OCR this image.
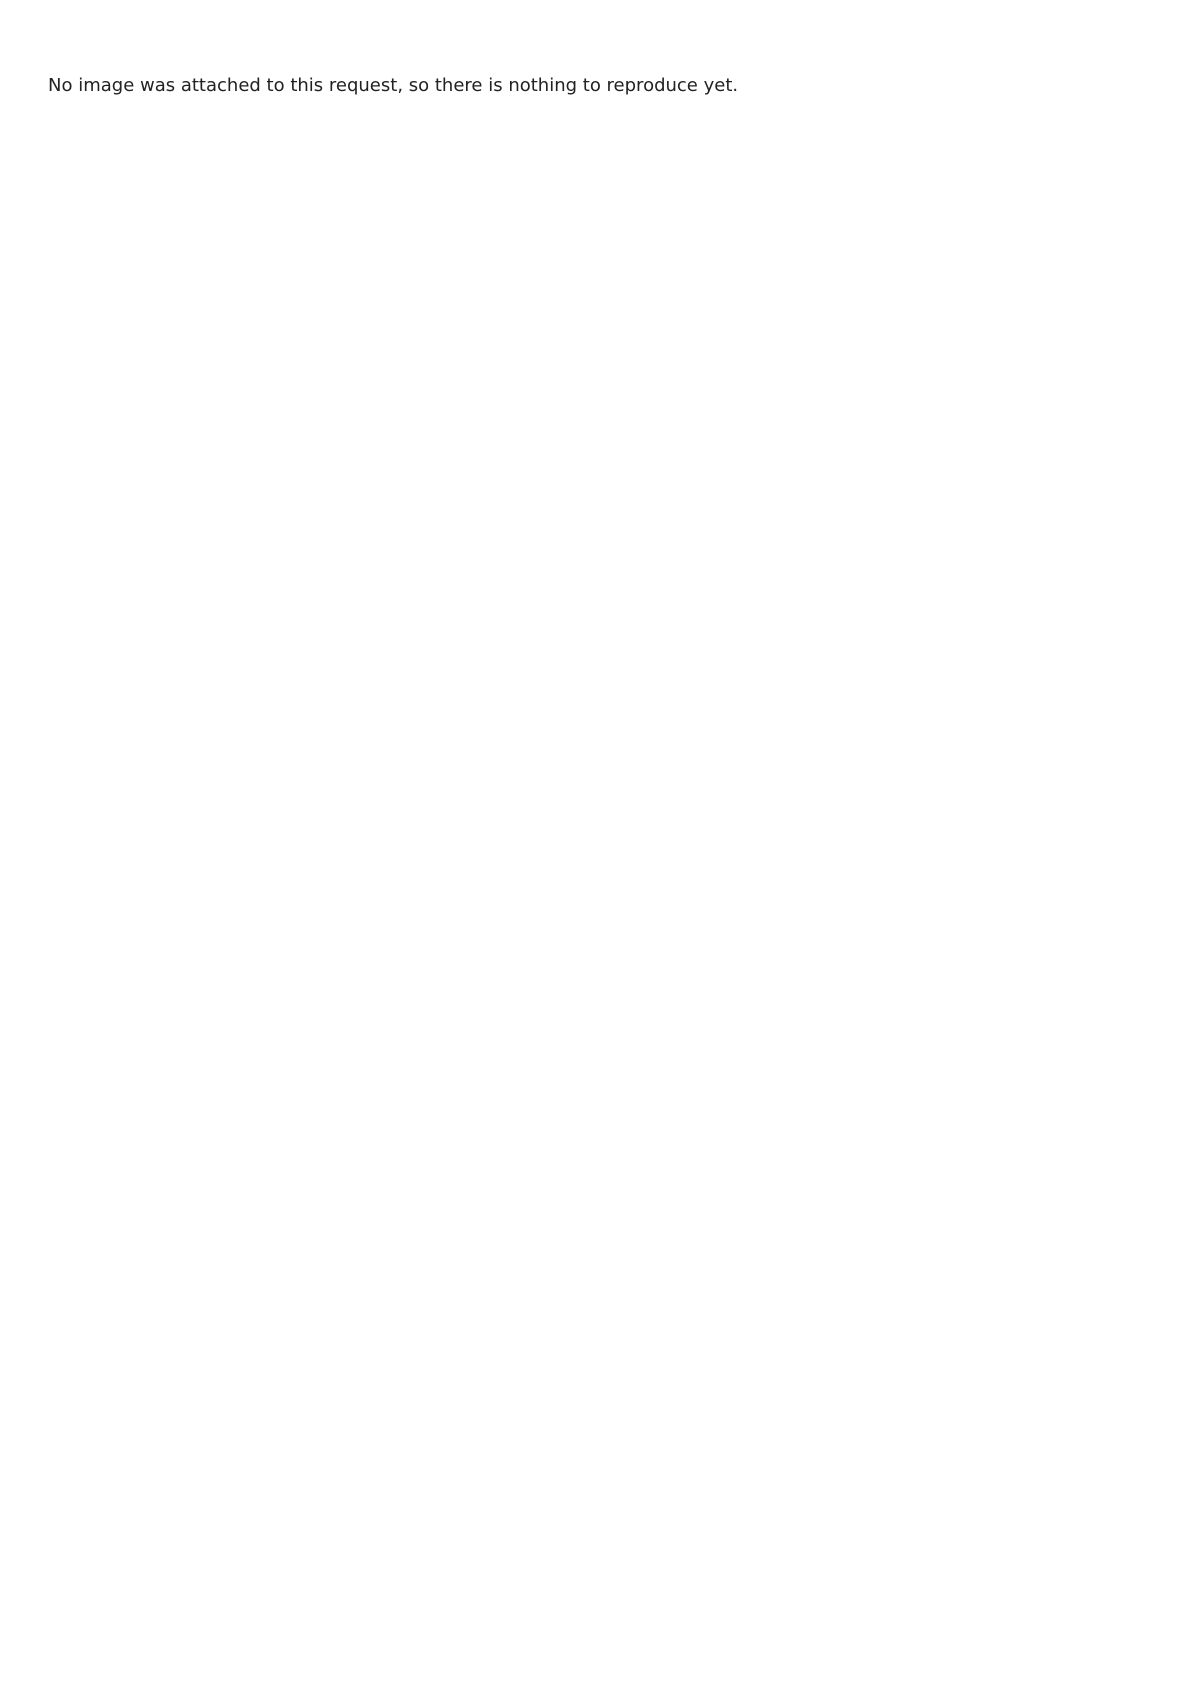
No image was attached to this request, so there is nothing to reproduce yet.
